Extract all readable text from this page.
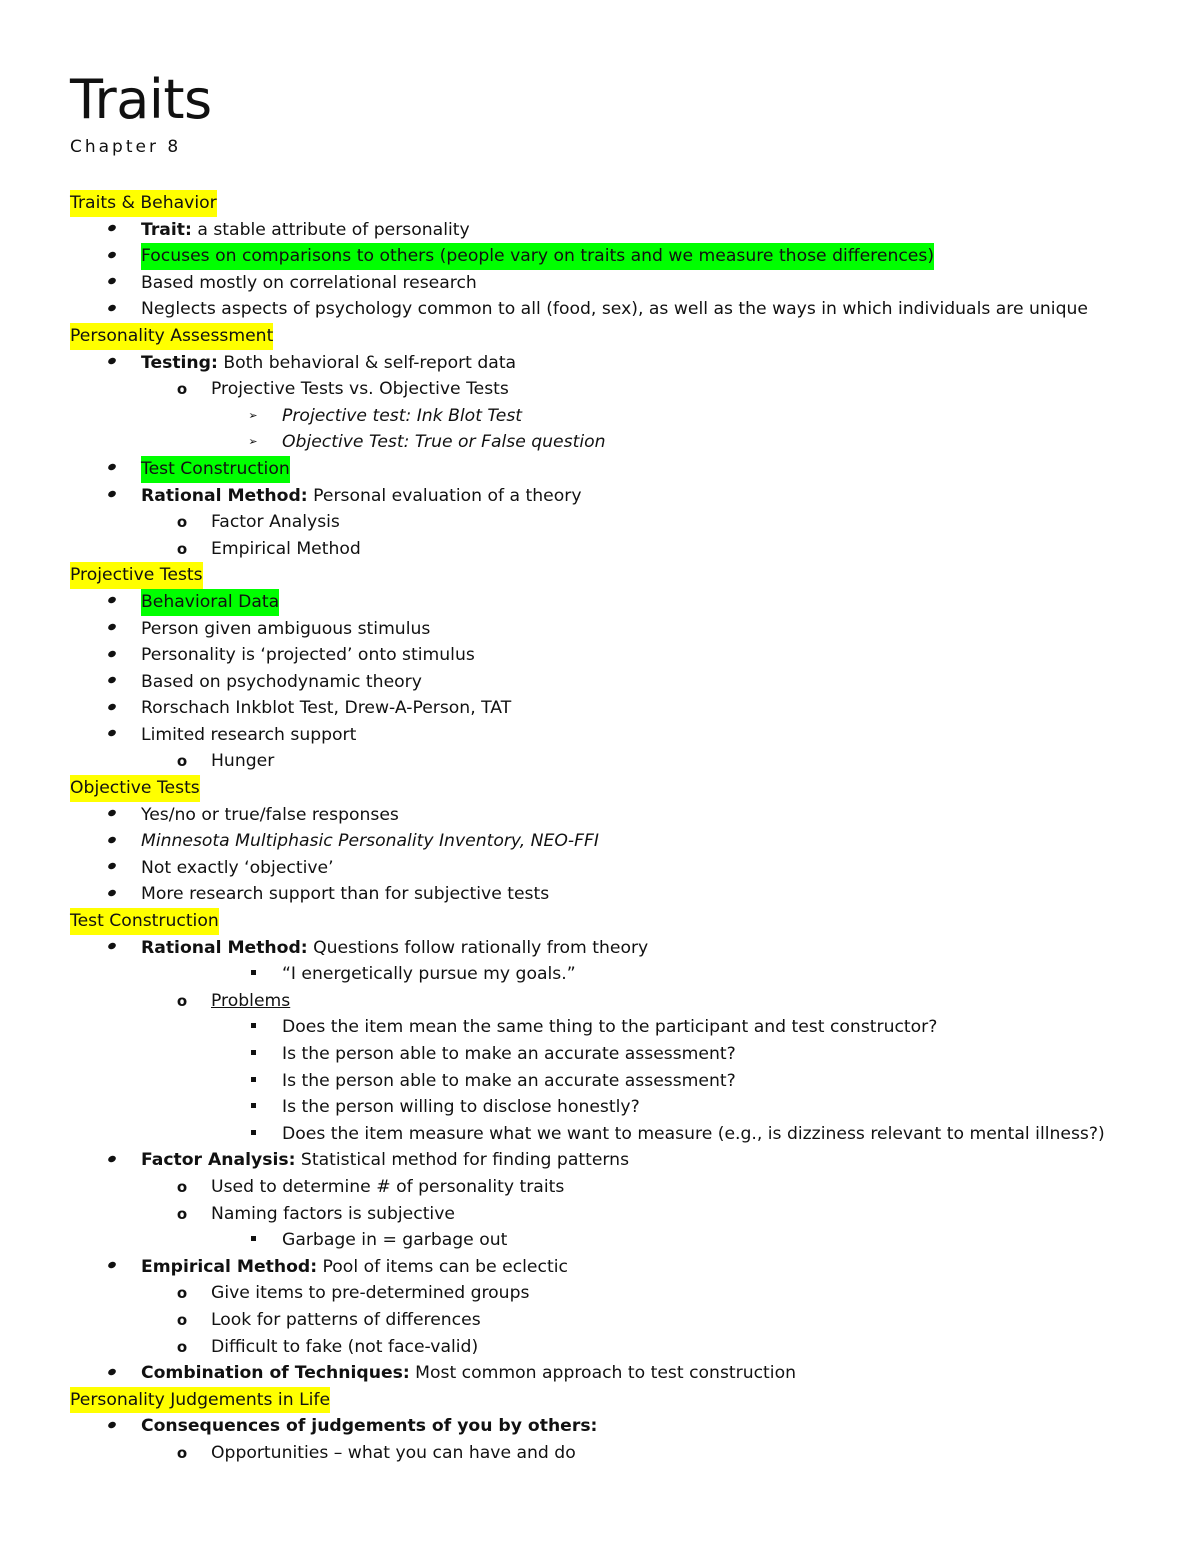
Traits
Chapter 8
Traits & Behavior
Trait: a stable attribute of personality
Focuses on comparisons to others (people vary on traits and we measure those differences)
Based mostly on correlational research
Neglects aspects of psychology common to all (food, sex), as well as the ways in which individuals are unique
Personality Assessment
Testing: Both behavioral & self-report data
o Projective Tests vs. Objective Tests
➢ Projective test: Ink Blot Test
➢ Objective Test: True or False question
Test Construction
Rational Method: Personal evaluation of a theory
o Factor Analysis
o Empirical Method
Projective Tests
Behavioral Data
Person given ambiguous stimulus
Personality is ‘projected’ onto stimulus
Based on psychodynamic theory
Rorschach Inkblot Test, Drew-A-Person, TAT
Limited research support
o Hunger
Objective Tests
Yes/no or true/false responses
Minnesota Multiphasic Personality Inventory, NEO-FFI
Not exactly ‘objective’
More research support than for subjective tests
Test Construction
Rational Method: Questions follow rationally from theory
“I energetically pursue my goals.”
o Problems
Does the item mean the same thing to the participant and test constructor?
Is the person able to make an accurate assessment?
Is the person able to make an accurate assessment?
Is the person willing to disclose honestly?
Does the item measure what we want to measure (e.g., is dizziness relevant to mental illness?)
Factor Analysis: Statistical method for finding patterns
o Used to determine # of personality traits
o Naming factors is subjective
Garbage in = garbage out
Empirical Method: Pool of items can be eclectic
o Give items to pre-determined groups
o Look for patterns of differences
o Difficult to fake (not face-valid)
Combination of Techniques: Most common approach to test construction
Personality Judgements in Life
Consequences of judgements of you by others:
o Opportunities – what you can have and do
